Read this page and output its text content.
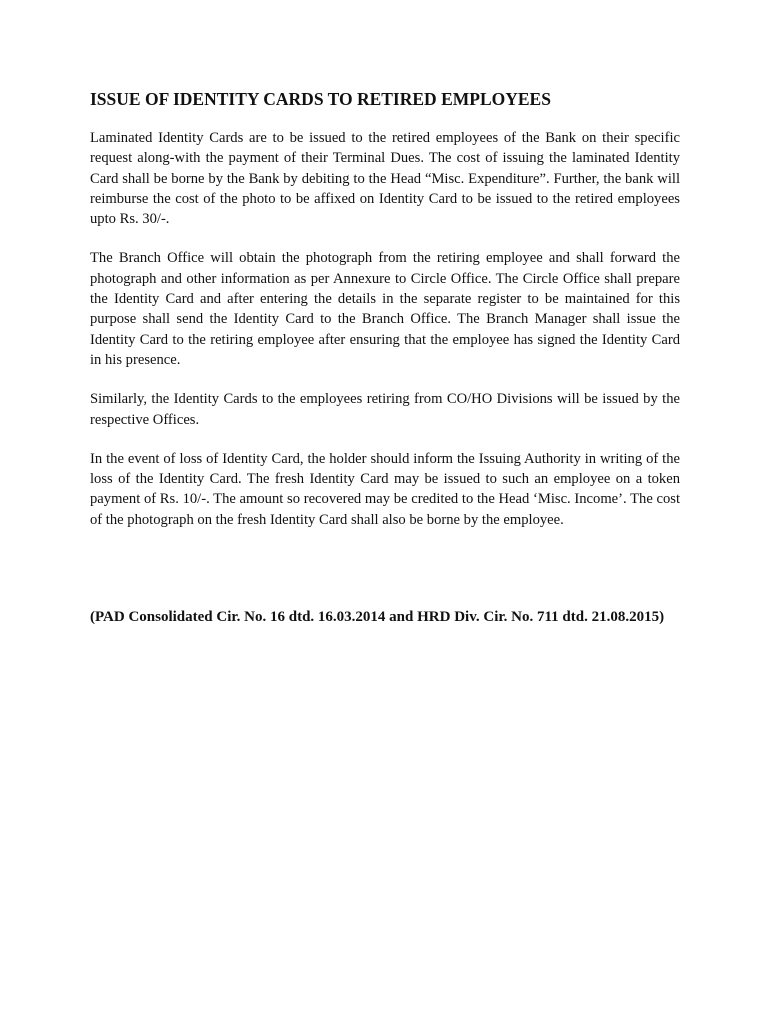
ISSUE OF IDENTITY CARDS TO RETIRED EMPLOYEES

Laminated Identity Cards are to be issued to the retired employees of the Bank on their specific request along-with the payment of their Terminal Dues. The cost of issuing the laminated Identity Card shall be borne by the Bank by debiting to the Head “Misc. Expenditure”. Further, the bank will reimburse the cost of the photo to be affixed on Identity Card to be issued to the retired employees upto Rs. 30/-.

The Branch Office will obtain the photograph from the retiring employee and shall forward the photograph and other information as per Annexure to Circle Office. The Circle Office shall prepare the Identity Card and after entering the details in the separate register to be maintained for this purpose shall send the Identity Card to the Branch Office. The Branch Manager shall issue the Identity Card to the retiring employee after ensuring that the employee has signed the Identity Card in his presence.

Similarly, the Identity Cards to the employees retiring from CO/HO Divisions will be issued by the respective Offices.

In the event of loss of Identity Card, the holder should inform the Issuing Authority in writing of the loss of the Identity Card. The fresh Identity Card may be issued to such an employee on a token payment of Rs. 10/-. The amount so recovered may be credited to the Head ‘Misc. Income’. The cost of the photograph on the fresh Identity Card shall also be borne by the employee.

(PAD Consolidated Cir. No. 16 dtd. 16.03.2014 and HRD Div. Cir. No. 711 dtd. 21.08.2015)
